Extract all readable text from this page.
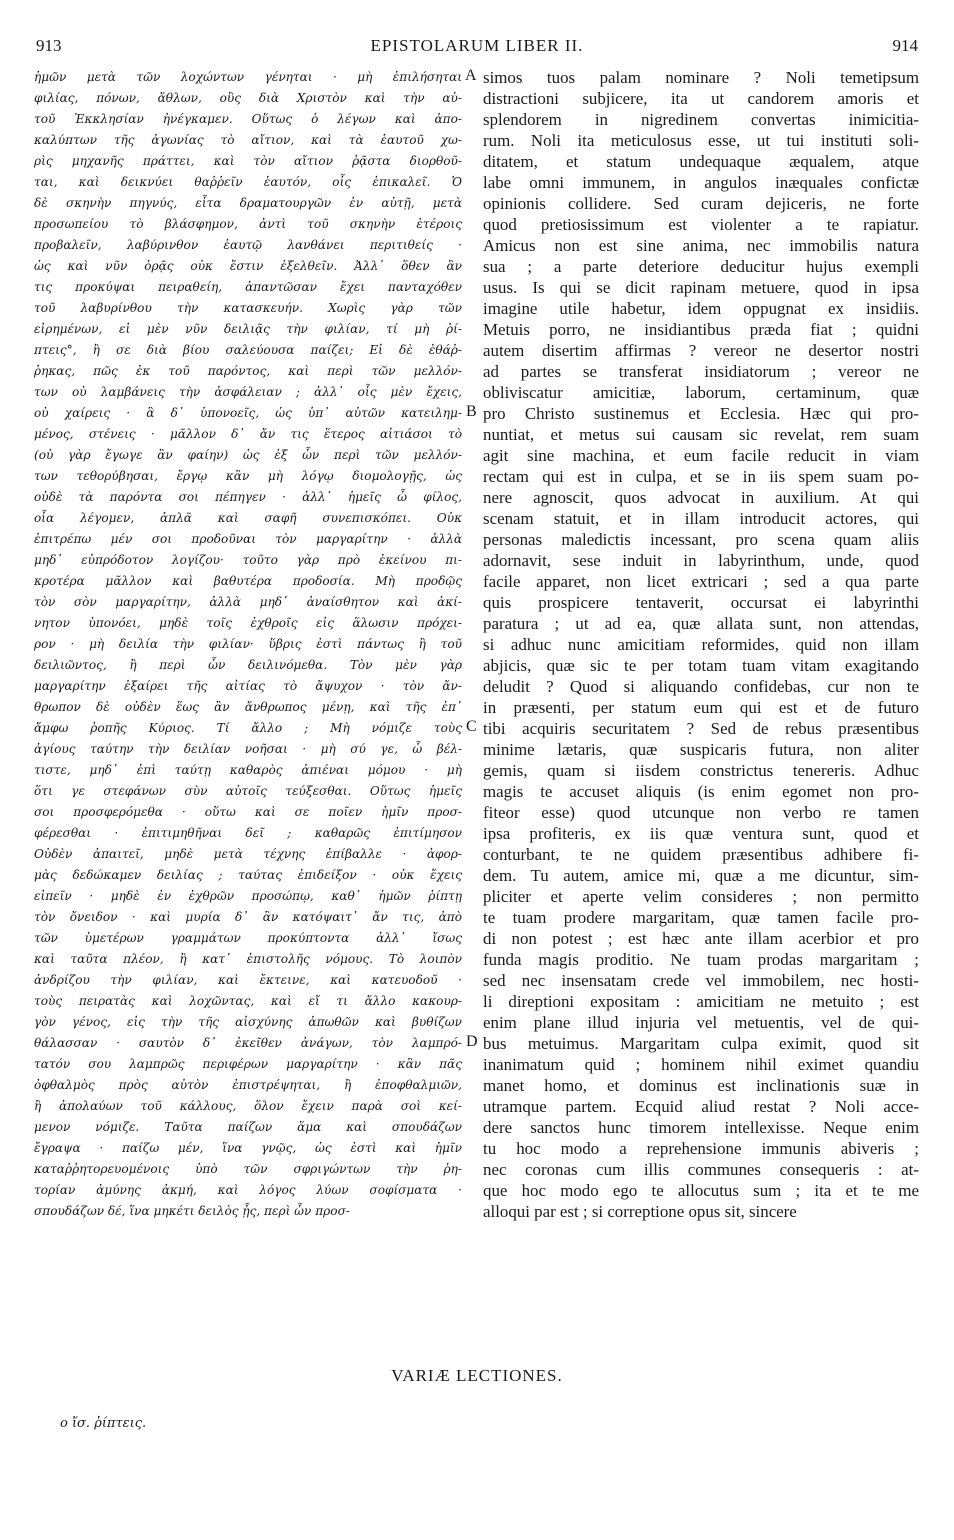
913	EPISTOLARUM LIBER II.	914
ἡμῶν μετὰ τῶν λοχώντων γένηται · μὴ ἐπιλήσηται
φιλίας, πόνων, ἄθλων, οὓς διὰ Χριστὸν καὶ τὴν αὐ-
τοῦ Ἐκκλησίαν ἠνέγκαμεν. Οὕτως ὁ λέγων καὶ ἀπο-
καλύπτων τῆς ἀγωνίας τὸ αἴτιον, καὶ τὰ ἑαυτοῦ χω-
ρὶς μηχανῆς πράττει, καὶ τὸν αἴτιον ῥᾷστα διορθοῦ-
ται, καὶ δεικνύει θαῤῥεῖν ἑαυτόν, οἷς ἐπικαλεῖ. Ὁ
δὲ σκηνὴν πηγνύς, εἶτα δραματουργῶν ἐν αὐτῇ, μετὰ
προσωπείου τὸ βλάσφημον, ἀντὶ τοῦ σκηνὴν ἑτέροις
προβαλεῖν, λαβύρινθον ἑαυτῷ λανθάνει περιτιθείς ·
ὡς καὶ νῦν ὁρᾷς οὐκ ἔστιν ἐξελθεῖν. Ἀλλ᾽ ὅθεν ἂν
τις προκύψαι πειραθείη, ἀπαντῶσαν ἔχει πανταχόθεν
τοῦ λαβυρίνθου τὴν κατασκευήν. Χωρὶς γὰρ τῶν
εἰρημένων, εἰ μὲν νῦν δειλιᾷς τὴν φιλίαν, τί μὴ ῥί-
πτεις°, ἢ σε διὰ βίου σαλεύουσα παίζει; Εἰ δὲ ἐθάῤ-
ῥηκας, πῶς ἐκ τοῦ παρόντος, καὶ περὶ τῶν μελλόν-
των οὐ λαμβάνεις τὴν ἀσφάλειαν ; ἀλλ᾽ οἷς μὲν ἔχεις,
οὐ χαίρεις · ἃ δ᾽ ὑπονοεῖς, ὡς ὑπ᾽ αὐτῶν κατειλημ-
μένος, στένεις · μᾶλλον δ᾽ ἄν τις ἕτερος αἰτιάσοι τὸ
(οὐ γὰρ ἔγωγε ἂν φαίην) ὡς ἐξ ὧν περὶ τῶν μελλόν-
των τεθορύβησαι, ἔργῳ κἂν μὴ λόγῳ διομολογῇς, ὡς
οὐδὲ τὰ παρόντα σοι πέπηγεν · ἀλλ᾽ ἡμεῖς ὦ φίλος,
οἷα λέγομεν, ἁπλᾶ καὶ σαφῆ συνεπισκόπει. Οὐκ
ἐπιτρέπω μέν σοι προδοῦναι τὸν μαργαρίτην · ἀλλὰ
μηδ᾽ εὐπρόδοτον λογίζου· τοῦτο γὰρ πρὸ ἐκείνου πι-
κροτέρα μᾶλλον καὶ βαθυτέρα προδοσία. Μὴ προδῷς
τὸν σὸν μαργαρίτην, ἀλλὰ μηδ᾽ ἀναίσθητον καὶ ἀκί-
νητον ὑπονόει, μηδὲ τοῖς ἐχθροῖς εἰς ἅλωσιν πρόχει-
ρον · μὴ δειλία τὴν φιλίαν· ὕβρις ἐστὶ πάντως ἢ τοῦ
δειλιῶντος, ἢ περὶ ὧν δειλινόμεθα. Τὸν μὲν γὰρ
μαργαρίτην ἐξαίρει τῆς αἰτίας τὸ ἄψυχον · τὸν ἄν-
θρωπον δὲ οὐδὲν ἕως ἂν ἄνθρωπος μένῃ, καὶ τῆς ἐπ᾽
ἄμφω ῥοπῆς Κύριος. Τί ἄλλο ; Μὴ νόμιζε τοὺς
ἁγίους ταύτην τὴν δειλίαν νοῆσαι · μὴ σύ γε, ὦ βέλ-
τιστε, μηδ᾽ ἐπὶ ταύτῃ καθαρὸς ἀπιέναι μόμου · μὴ
ὅτι γε στεφάνων σὺν αὐτοῖς τεύξεσθαι. Οὕτως ἡμεῖς
σοι προσφερόμεθα · οὕτω καὶ σε ποῖεν ἡμῖν προσ-
φέρεσθαι · ἐπιτιμηθῆναι δεῖ ; καθαρῶς ἐπιτίμησον
Οὐδὲν ἀπαιτεῖ, μηδὲ μετὰ τέχνης ἐπίβαλλε · ἀφορ-
μὰς δεδώκαμεν δειλίας ; ταύτας ἐπιδείξον · οὐκ ἔχεις
εἰπεῖν · μηδὲ ἐν ἐχθρῶν προσώπῳ, καθ᾽ ἡμῶν ῥίπτῃ
τὸν ὄνειδον · καὶ μυρία δ᾽ ἂν κατόψαιτ᾽ ἄν τις, ἀπὸ
τῶν ὑμετέρων γραμμάτων προκύπτοντα ἀλλ᾽ ἴσως
καὶ ταῦτα πλέον, ἢ κατ᾽ ἐπιστολῆς νόμους. Τὸ λοιπὸν
ἀνδρίζου τὴν φιλίαν, καὶ ἔκτεινε, καὶ κατευοδοῦ ·
τοὺς πειρατὰς καὶ λοχῶντας, καὶ εἴ τι ἄλλο κακουρ-
γὸν γένος, εἰς τὴν τῆς αἰσχύνης ἀπωθῶν καὶ βυθίζων
θάλασσαν · σαυτὸν δ᾽ ἐκεῖθεν ἀνάγων, τὸν λαμπρό-
τατόν σου λαμπρῶς περιφέρων μαργαρίτην · κἂν πᾶς
ὀφθαλμὸς πρὸς αὐτὸν ἐπιστρέψηται, ἢ ἐποφθαλμιῶν,
ἢ ἀπολαύων τοῦ κάλλους, ὅλον ἔχειν παρὰ σοὶ κεί-
μενον νόμιζε. Ταῦτα παίζων ἅμα καὶ σπουδάζων
ἔγραψα · παίζω μέν, ἵνα γνῷς, ὡς ἐστὶ καὶ ἡμῖν
καταῤῥητορευομένοις ὑπὸ τῶν σφριγώντων τὴν ῥη-
τορίαν ἀμύνης ἀκμή, καὶ λόγος λύων σοφίσματα ·
σπουδάζων δέ, ἵνα μηκέτι δειλὸς ᾖς, περὶ ὧν προσ-
simos tuos palam nominare ? Noli temetipsum
distractioni subjicere, ita ut candorem amoris et
splendorem in nigredinem convertas inimicitia-
rum. Noli ita meticulosus esse, ut tui instituti soli-
ditatem, et statum undequaque æqualem, atque
labe omni immunem, in angulos inæquales confictæ
opinionis collidere. Sed curam dejiceris, ne forte
quod pretiosissimum est violenter a te rapiatur.
Amicus non est sine anima, nec immobilis natura
sua ; a parte deteriore deducitur hujus exempli
usus. Is qui se dicit rapinam metuere, quod in ipsa
imagine utile habetur, idem oppugnat ex insidiis.
Metuis porro, ne insidiantibus præda fiat ; quidni
autem disertim affirmas ? vereor ne desertor nostri
ad partes se transferat insidiatorum ; vereor ne
obliviscatur amicitiæ, laborum, certaminum, quæ
pro Christo sustinemus et Ecclesia. Hæc qui pro-
nuntiat, et metus sui causam sic revelat, rem suam
agit sine machina, et eum facile reducit in viam
rectam qui est in culpa, et se in iis spem suam po-
nere agnoscit, quos advocat in auxilium. At qui
scenam statuit, et in illam introducit actores, qui
personas maledictis incessant, pro scena quam aliis
adornavit, sese induit in labyrinthum, unde, quod
facile apparet, non licet extricari ; sed a qua parte
quis prospicere tentaverit, occursat ei labyrinthi
paratura ; ut ad ea, quæ allata sunt, non attendas,
si adhuc nunc amicitiam reformides, quid non illam
abjicis, quæ sic te per totam tuam vitam exagitando
deludit ? Quod si aliquando confidebas, cur non te
in præsenti, per statum eum qui est et de futuro
tibi acquiris securitatem ? Sed de rebus præsentibus
minime lætaris, quæ suspicaris futura, non aliter
gemis, quam si iisdem constrictus tenereris. Adhuc
magis te accuset aliquis (is enim egomet non pro-
fiteor esse) quod utcunque non verbo re tamen
ipsa profiteris, ex iis quæ ventura sunt, quod et
conturbant, te ne quidem præsentibus adhibere fi-
dem. Tu autem, amice mi, quæ a me dicuntur, sim-
pliciter et aperte velim consideres ; non permitto
te tuam prodere margaritam, quæ tamen facile pro-
di non potest ; est hæc ante illam acerbior et pro
funda magis proditio. Ne tuam prodas margaritam ;
sed nec insensatam crede vel immobilem, nec hosti-
li direptioni expositam : amicitiam ne metuito ; est
enim plane illud injuria vel metuentis, vel de qui-
bus metuimus. Margaritam culpa eximit, quod sit
inanimatum quid ; hominem nihil eximet quandiu
manet homo, et dominus est inclinationis suæ in
utramque partem. Ecquid aliud restat ? Noli acce-
dere sanctos hunc timorem intellexisse. Neque enim
tu hoc modo a reprehensione immunis abiveris ;
nec coronas cum illis communes consequeris : at-
que hoc modo ego te allocutus sum ; ita et te me
alloqui par est ; si correptione opus sit, sincere
A
B
C
D
VARIÆ LECTIONES.
o ἴσ. ῥίπτεις.
